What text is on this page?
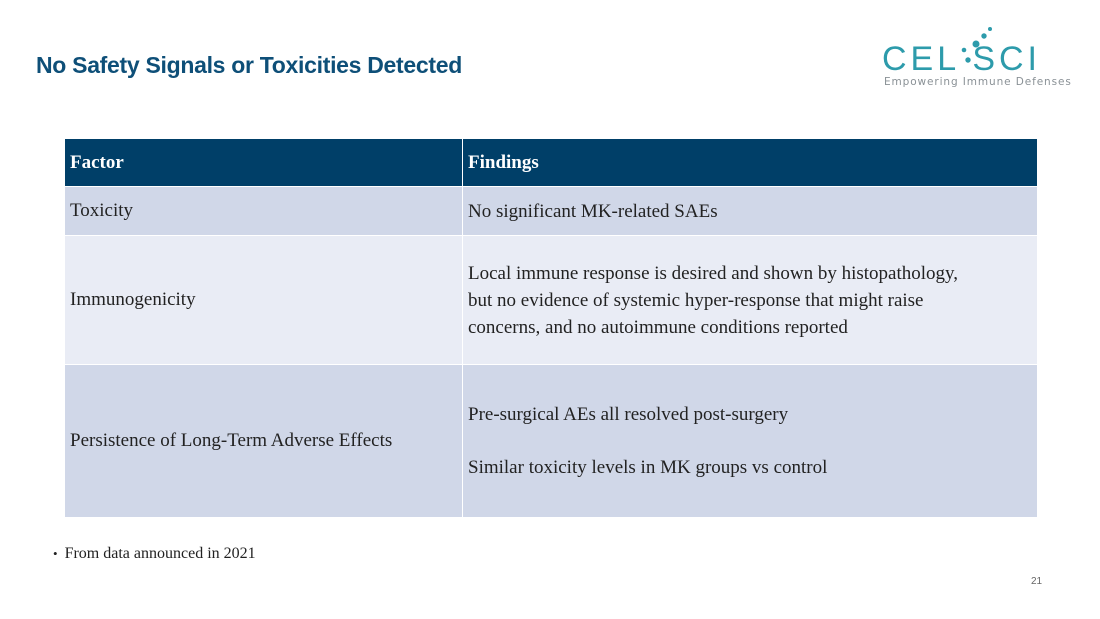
No Safety Signals or Toxicities Detected	CEL SCI
Empowering Immune Defenses
Factor	Findings
Toxicity	No significant MK-related SAEs

Immunogenicity	Local immune response is desired and shown by histopathology,
but no evidence of systemic hyper-response that might raise
concerns, and no autoimmune conditions reported

Persistence of Long-Term Adverse Effects	Pre-surgical AEs all resolved post-surgery
Similar toxicity levels in MK groups vs control
• From data announced in 2021
21
